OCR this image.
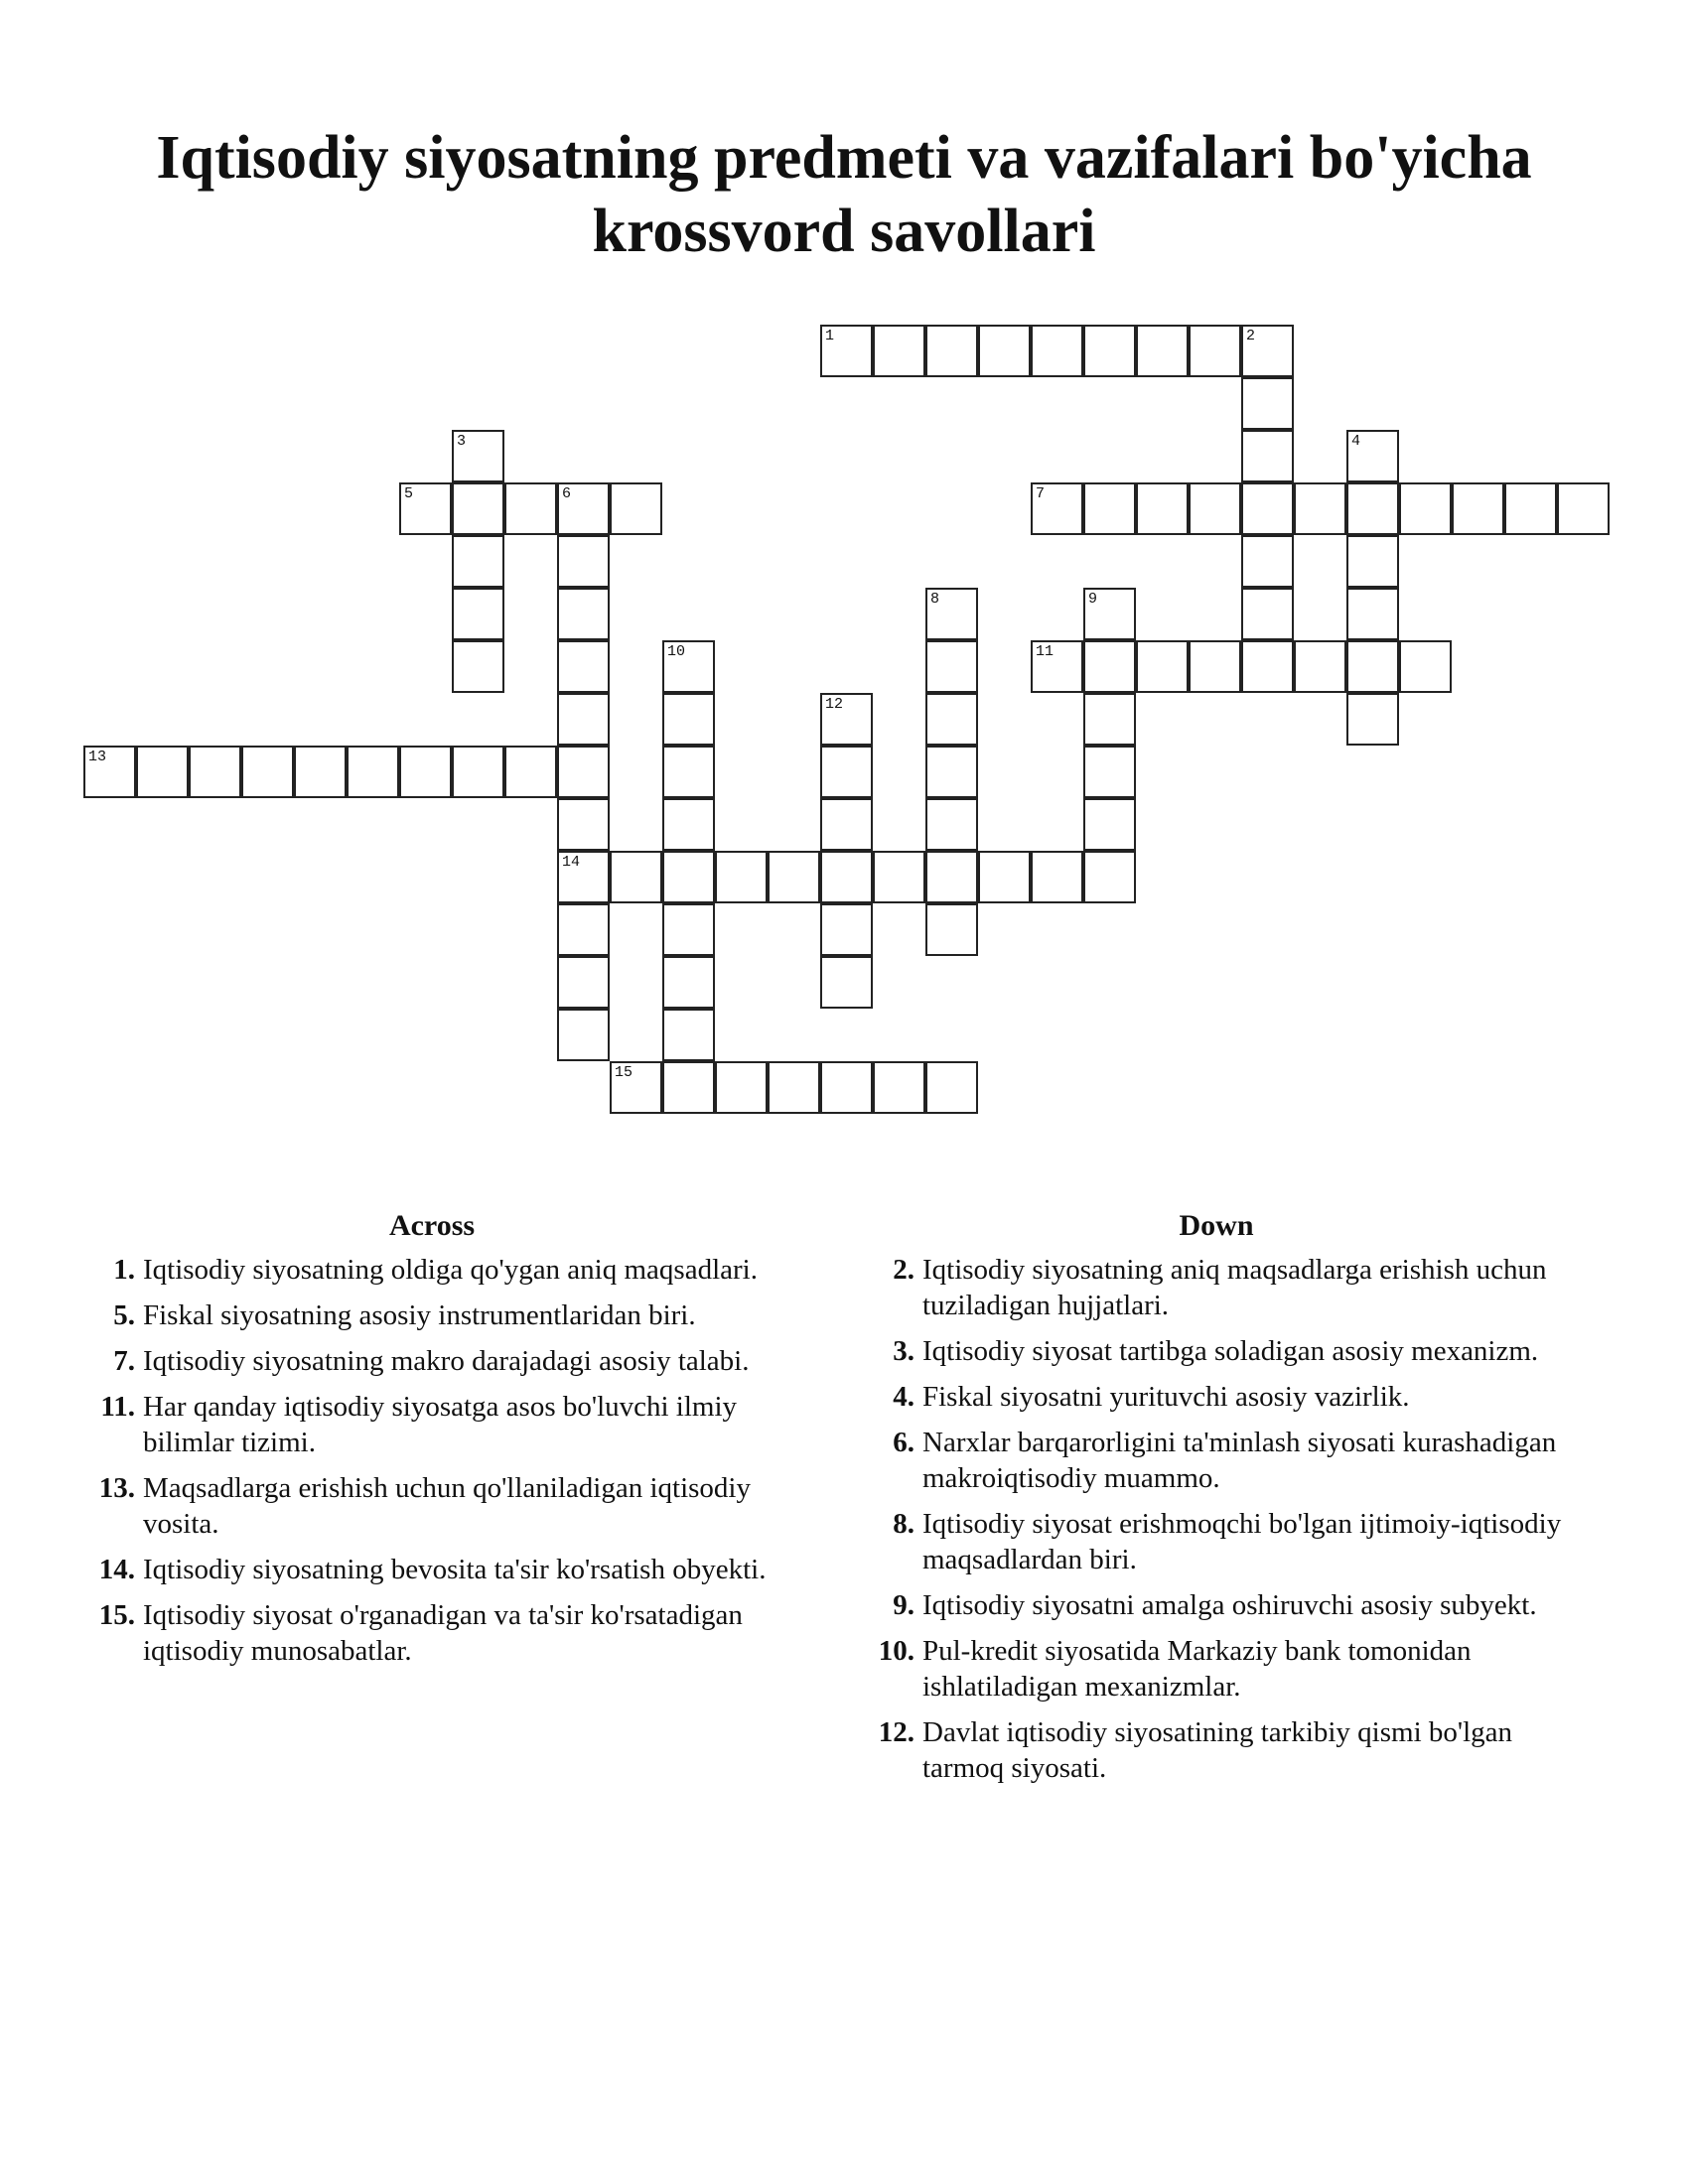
Iqtisodiy siyosatning predmeti va vazifalari bo'yicha
krossvord savollari
1	2
3	4
5	6
14
7
8	9
10	11
12
13
15
Across
1. Iqtisodiy siyosatning oldiga qo'ygan aniq maqsadlari.
5. Fiskal siyosatning asosiy instrumentlaridan biri.
7. Iqtisodiy siyosatning makro darajadagi asosiy talabi.
11. Har qanday iqtisodiy siyosatga asos bo'luvchi ilmiy bilimlar tizimi.
13. Maqsadlarga erishish uchun qo'llaniladigan iqtisodiy vosita.
14. Iqtisodiy siyosatning bevosita ta'sir ko'rsatish obyekti.
15. Iqtisodiy siyosat o'rganadigan va ta'sir ko'rsatadigan iqtisodiy munosabatlar.
Down
2. Iqtisodiy siyosatning aniq maqsadlarga erishish uchun tuziladigan hujjatlari.
3. Iqtisodiy siyosat tartibga soladigan asosiy mexanizm.
4. Fiskal siyosatni yurituvchi asosiy vazirlik.
6. Narxlar barqarorligini ta'minlash siyosati kurashadigan makroiqtisodiy muammo.
8. Iqtisodiy siyosat erishmoqchi bo'lgan ijtimoiy-iqtisodiy maqsadlardan biri.
9. Iqtisodiy siyosatni amalga oshiruvchi asosiy subyekt.
10. Pul-kredit siyosatida Markaziy bank tomonidan ishlatiladigan mexanizmlar.
12. Davlat iqtisodiy siyosatining tarkibiy qismi bo'lgan tarmoq siyosati.
